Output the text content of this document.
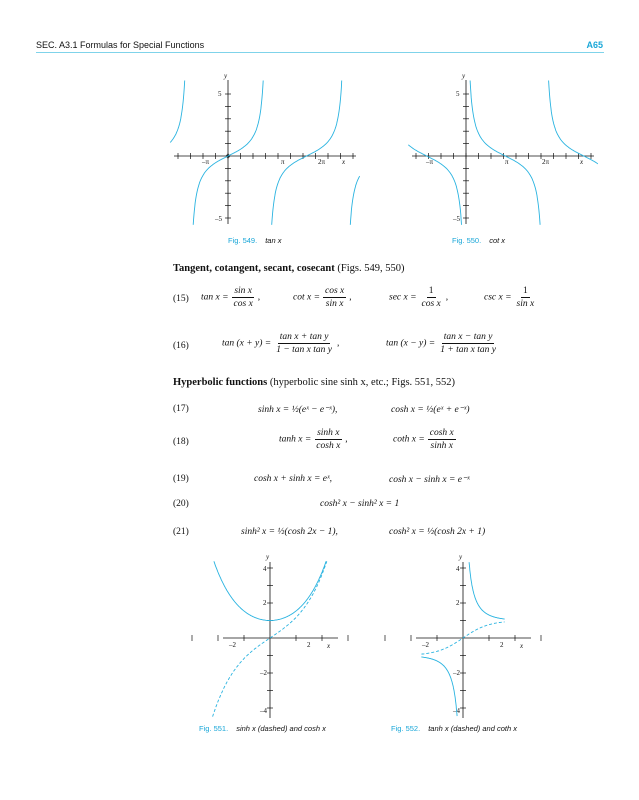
SEC. A3.1 Formulas for Special Functions	A65
y
x
5
–5
–π	π	2π
Fig. 549. tan x
y
x
5
–5
–π	π	2π
Fig. 550. cot x
Tangent, cotangent, secant, cosecant (Figs. 549, 550)
(15) $\tan x = \frac{\text{sin x}}{\text{cos x}}$ ,	$\cot x = \frac{\text{cos x}}{\text{sin x}}$ ,	$\sec x = \frac{1}{\text{cos x}}$ ,	$\csc x = \frac{1}{\text{sin x}}$
(16)	$\tan (x + y) = \frac{\text{tan x + tan y}}{\text{1 − tan x tan y}}$ ,	$\tan (x - y) = \frac{\text{tan x − tan y}}{\text{1 + tan x tan y}}$
Hyperbolic functions (hyperbolic sine sinh x, etc.; Figs. 551, 552)
(17)	sinh x = ½(eˣ − e⁻ˣ),	cosh x = ½(eˣ + e⁻ˣ)
(18)	$\tanh x = \frac{\text{sinh x}}{\text{cosh x}}$ ,	coth $x = \frac{\text{cosh x}}{\text{sinh x}}$
(19)	cosh x + sinh x = eˣ,	cosh x − sinh x = e⁻ˣ
(20)	cosh² x − sinh² x = 1
(21)	sinh² x = ½(cosh 2x − 1),	cosh² x = ½(cosh 2x + 1)
y
x
4
2
–2
–4
–2	2
Fig. 551. sinh x (dashed) and cosh x
y
x
4
2
–2
–4
–2	2
Fig. 552. tanh x (dashed) and coth x
